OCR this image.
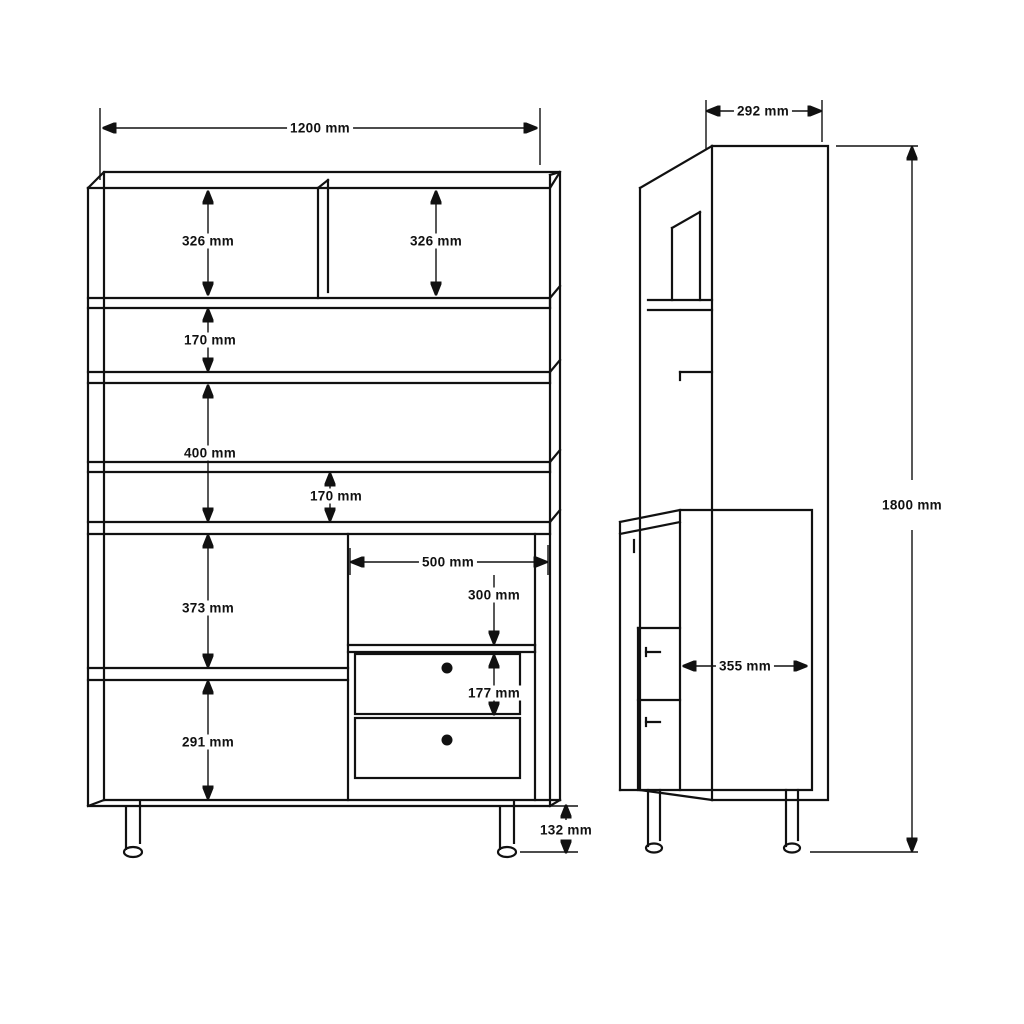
1200 mm
326 mm	326 mm
170 mm
400 mm
170 mm
373 mm
291 mm
500 mm
300 mm
177 mm
132 mm
292 mm
355 mm
1800 mm
